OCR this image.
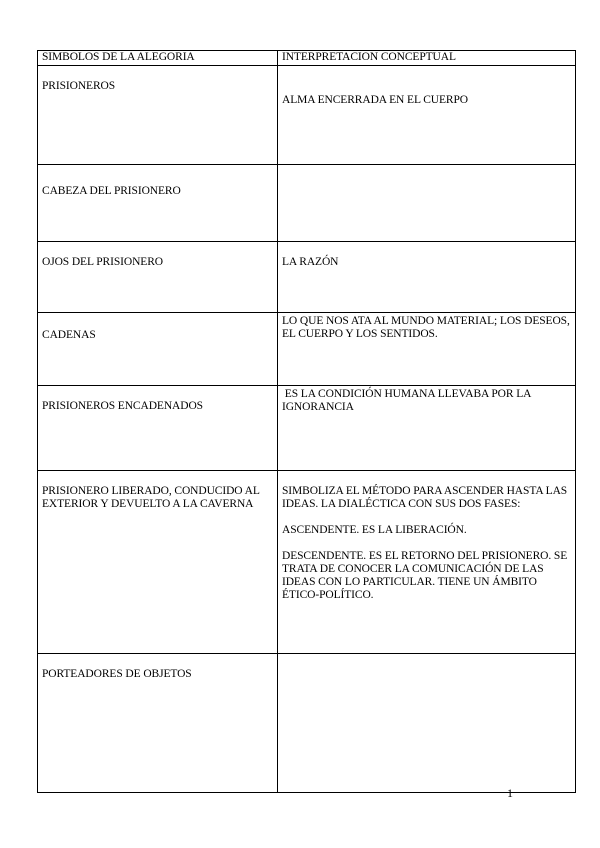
SIMBOLOS DE LA ALEGORIA	INTERPRETACION CONCEPTUAL

PRISIONEROS	ALMA ENCERRADA EN EL CUERPO

CABEZA DEL PRISIONERO	

OJOS DEL PRISIONERO	LA RAZÓN

CADENAS	LO QUE NOS ATA AL MUNDO MATERIAL; LOS DESEOS, EL CUERPO Y LOS SENTIDOS.

PRISIONEROS ENCADENADOS	ES LA CONDICIÓN HUMANA LLEVABA POR LA IGNORANCIA

PRISIONERO LIBERADO, CONDUCIDO AL EXTERIOR Y DEVUELTO A LA CAVERNA	SIMBOLIZA EL MÉTODO PARA ASCENDER HASTA LAS IDEAS. LA DIALÉCTICA CON SUS DOS FASES:
ASCENDENTE. ES LA LIBERACIÓN.
DESCENDENTE. ES EL RETORNO DEL PRISIONERO. SE TRATA DE CONOCER LA COMUNICACIÓN DE LAS IDEAS CON LO PARTICULAR. TIENE UN ÁMBITO ÉTICO-POLÍTICO.

PORTEADORES DE OBJETOS	

1
